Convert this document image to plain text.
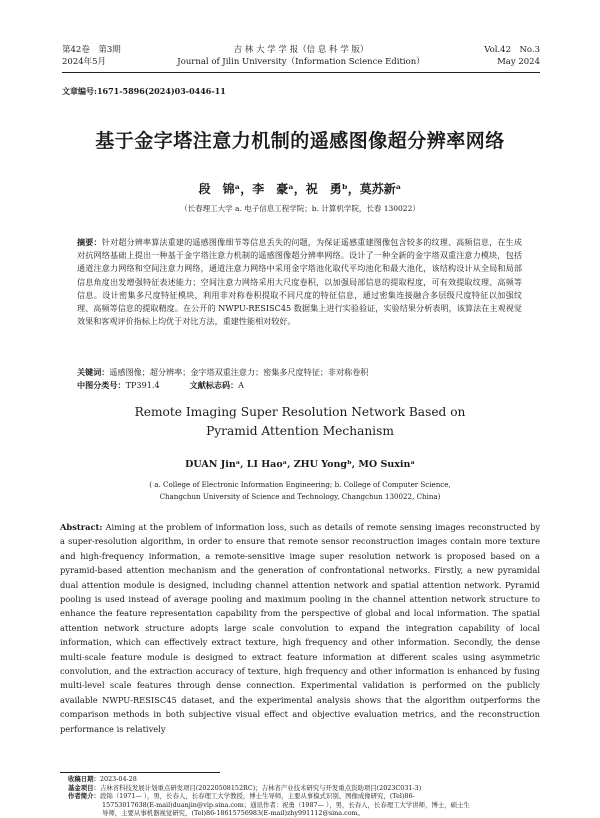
第42卷　第3期
2024年5月
吉 林 大 学 学 报（信 息 科 学 版）
Journal of Jilin University（Information Science Edition）
Vol.42　No.3
May 2024
文章编号:1671-5896(2024)03-0446-11
基于金字塔注意力机制的遥感图像超分辨率网络
段　锦ᵃ，李　豪ᵃ，祝　勇ᵇ，莫苏新ᵃ
（长春理工大学 a. 电子信息工程学院；b. 计算机学院，长春 130022）
摘要：针对超分辨率算法重建的遥感图像细节等信息丢失的问题，为保证遥感重建图像包含较多的纹理、高频信息，在生成对抗网络基础上提出一种基于金字塔注意力机制的遥感图像超分辨率网络。设计了一种全新的金字塔双重注意力模块，包括通道注意力网络和空间注意力网络，通道注意力网络中采用金字塔池化取代平均池化和最大池化，该结构设计从全局和局部信息角度出发增强特征表述能力；空间注意力网络采用大尺度卷积，以加强局部信息的提取程度，可有效提取纹理、高频等信息。设计密集多尺度特征模块，利用非对称卷积提取不同尺度的特征信息，通过密集连接融合多层级尺度特征以加强纹理、高频等信息的提取精度。在公开的 NWPU-RESISC45 数据集上进行实验验证，实验结果分析表明，该算法在主观视觉效果和客观评价指标上均优于对比方法，重建性能相对较好。
关键词：遥感图像；超分辨率；金字塔双重注意力；密集多尺度特征；非对称卷积
中图分类号：TP391.4	文献标志码：A
Remote Imaging Super Resolution Network Based on
Pyramid Attention Mechanism
DUAN Jinᵃ, LI Haoᵃ, ZHU Yongᵇ, MO Suxinᵃ
( a. College of Electronic Information Engineering; b. College of Computer Science,
Changchun University of Science and Technology, Changchun 130022, China)
Abstract: Aiming at the problem of information loss, such as details of remote sensing images reconstructed by a super-resolution algorithm, in order to ensure that remote sensor reconstruction images contain more texture and high-frequency information, a remote-sensitive image super resolution network is proposed based on a pyramid-based attention mechanism and the generation of confrontational networks. Firstly, a new pyramidal dual attention module is designed, including channel attention network and spatial attention network. Pyramid pooling is used instead of average pooling and maximum pooling in the channel attention network structure to enhance the feature representation capability from the perspective of global and local information. The spatial attention network structure adopts large scale convolution to expand the integration capability of local information, which can effectively extract texture, high frequency and other information. Secondly, the dense multi-scale feature module is designed to extract feature information at different scales using asymmetric convolution, and the extraction accuracy of texture, high frequency and other information is enhanced by fusing multi-level scale features through dense connection. Experimental validation is performed on the publicly available NWPU-RESISC45 dataset, and the experimental analysis shows that the algorithm outperforms the comparison methods in both subjective visual effect and objective evaluation metrics, and the reconstruction performance is relatively
收稿日期：2023-04-28
基金项目：吉林省科技发展计划重点研发项目(20220508152RC)；吉林省产业技术研究与开发重点资助项目(2023C031-3)
作者简介：段锦（1971— ），男，长春人，长春理工大学教授，博士生导师，主要从事模式识别、图像成像研究，(Tel)86-
15753017638(E-mail)duanjin@vip.sina.com；通讯作者：祝勇（1987— ），男，长春人，长春理工大学讲师，博士，硕士生
导师，主要从事机器视觉研究，(Tel)86-18615756983(E-mail)zhy991112@sina.com。
